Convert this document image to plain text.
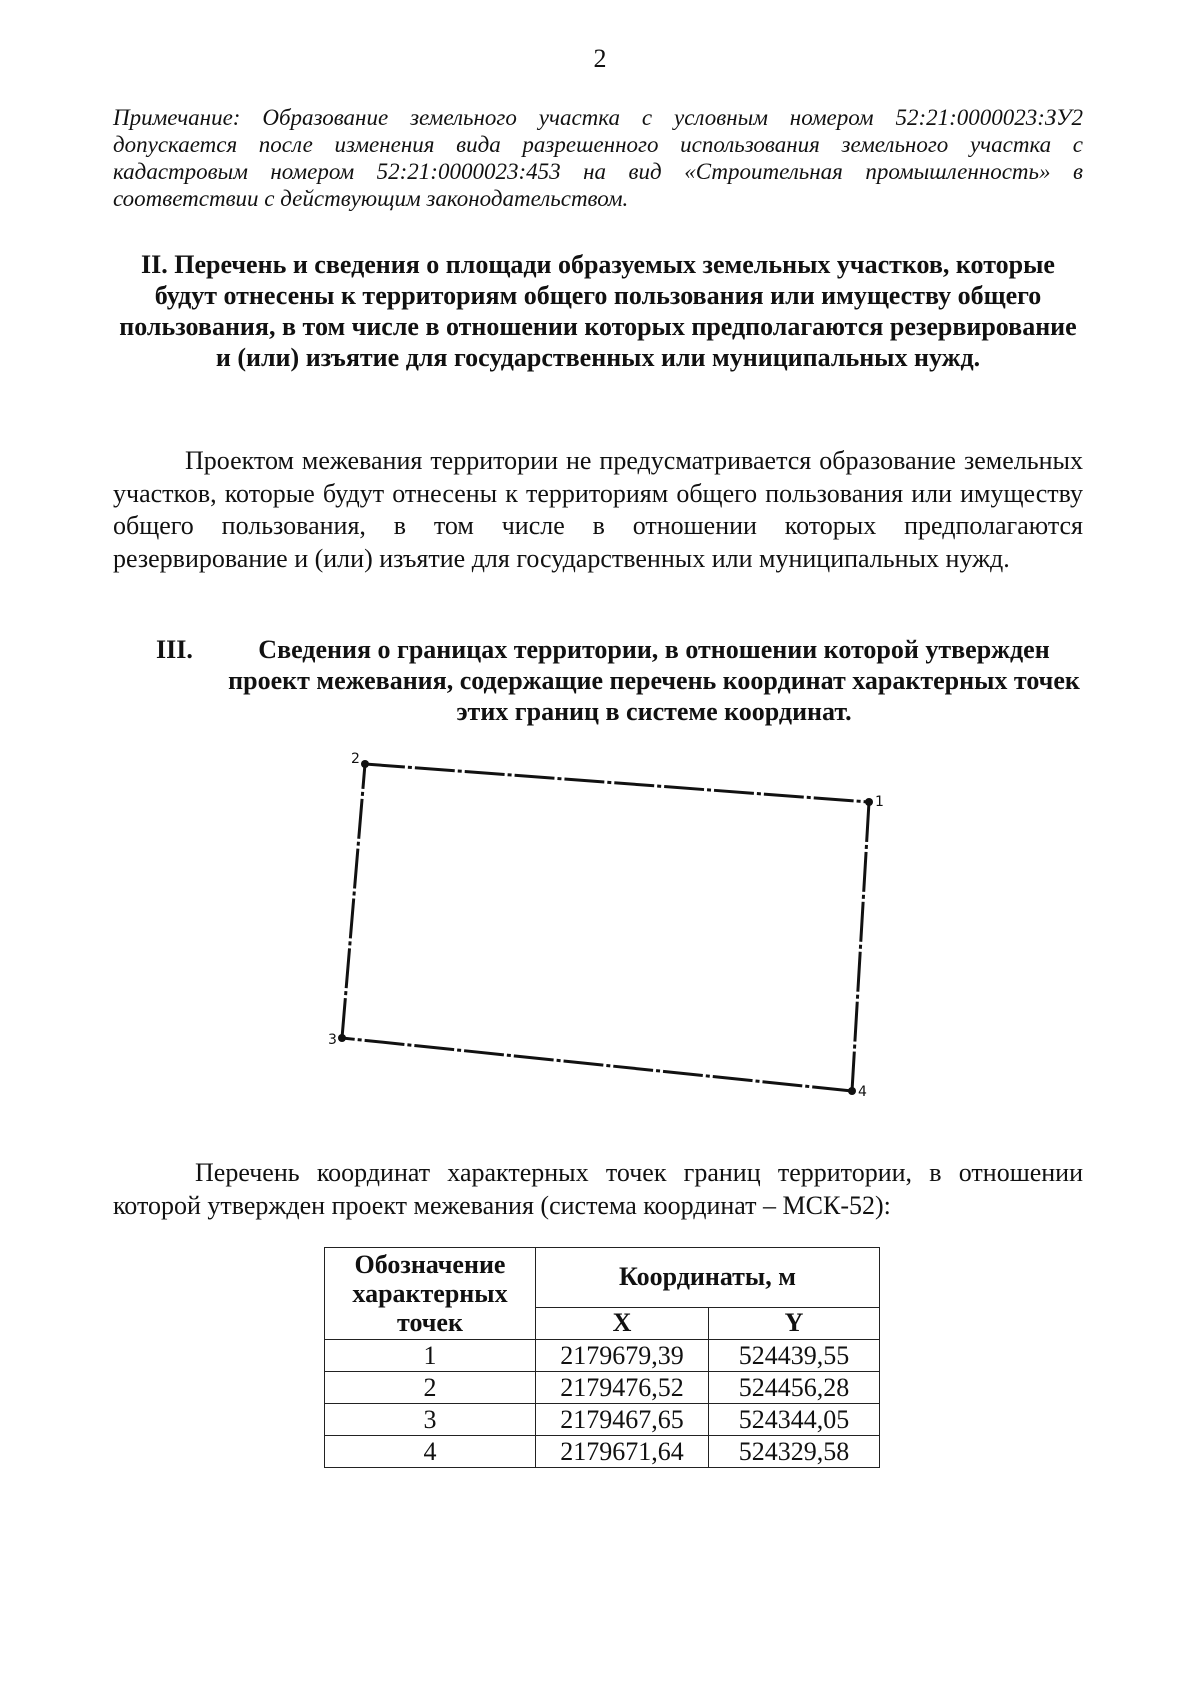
2
Примечание: Образование земельного участка с условным номером 52:21:0000023:ЗУ2 допускается после изменения вида разрешенного использования земельного участка с кадастровым номером 52:21:0000023:453 на вид «Строительная промышленность» в соответствии с действующим законодательством.
II. Перечень и сведения о площади образуемых земельных участков, которые будут отнесены к территориям общего пользования или имуществу общего пользования, в том числе в отношении которых предполагаются резервирование и (или) изъятие для государственных или муниципальных нужд.
Проектом межевания территории не предусматривается образование земельных участков, которые будут отнесены к территориям общего пользования или имуществу общего пользования, в том числе в отношении которых предполагаются резервирование и (или) изъятие для государственных или муниципальных нужд.
III.	Сведения о границах территории, в отношении которой утвержден проект межевания, содержащие перечень координат характерных точек этих границ в системе координат.
1
2
3
4
Перечень координат характерных точек границ территории, в отношении которой утвержден проект межевания (система координат – МСК-52):
Обозначение характерных точек	Координаты, м	
	X	Y
1	2179679,39	524439,55
2	2179476,52	524456,28
3	2179467,65	524344,05
4	2179671,64	524329,58
